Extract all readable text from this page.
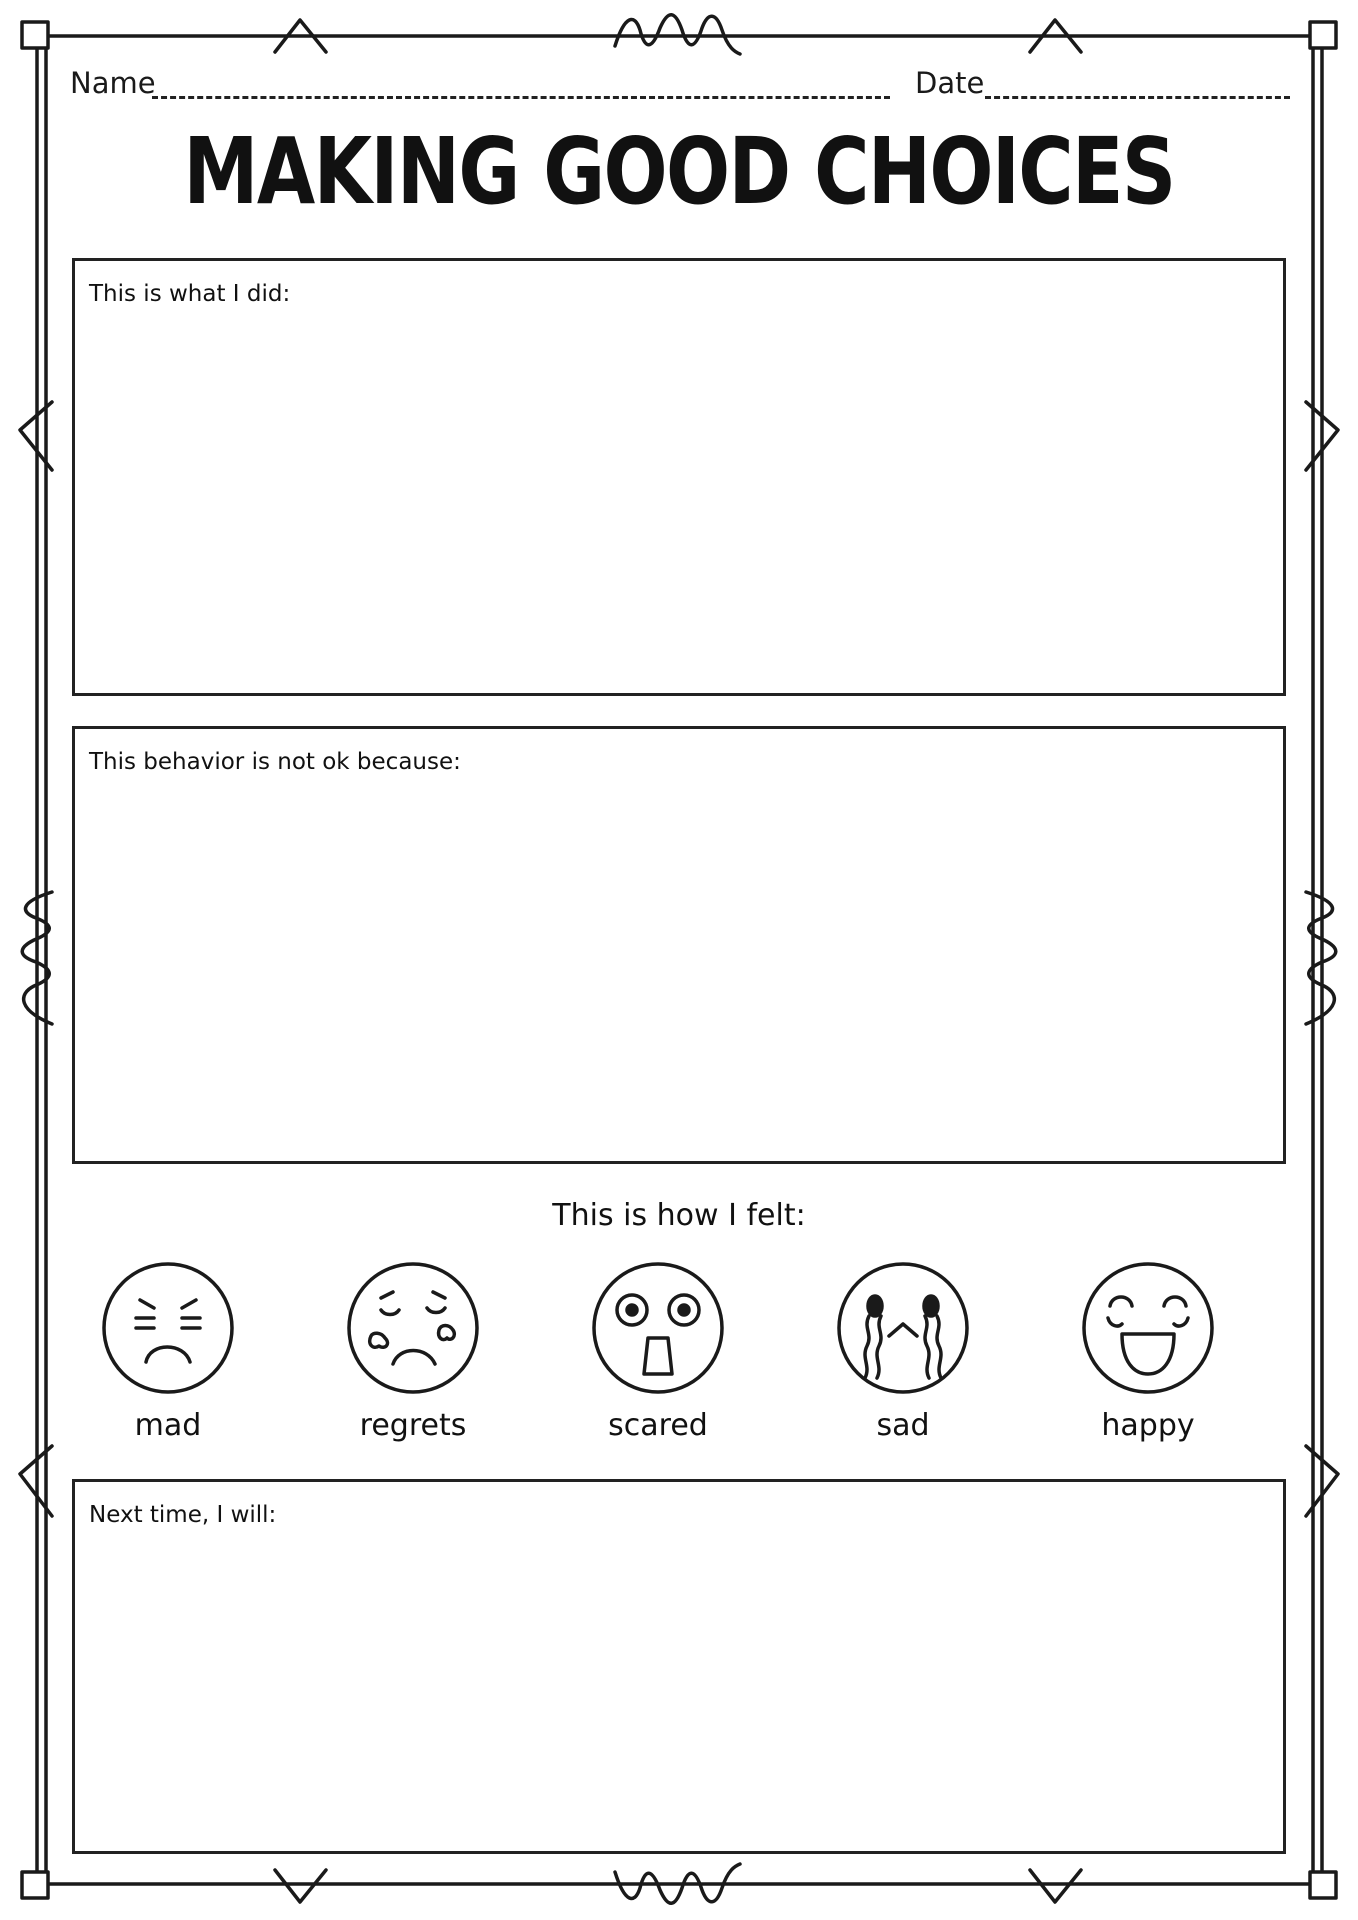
Name	Date
MAKING GOOD CHOICES
This is what I did:
This behavior is not ok because:
This is how I felt:
mad	regrets	scared	sad	happy
Next time, I will:
